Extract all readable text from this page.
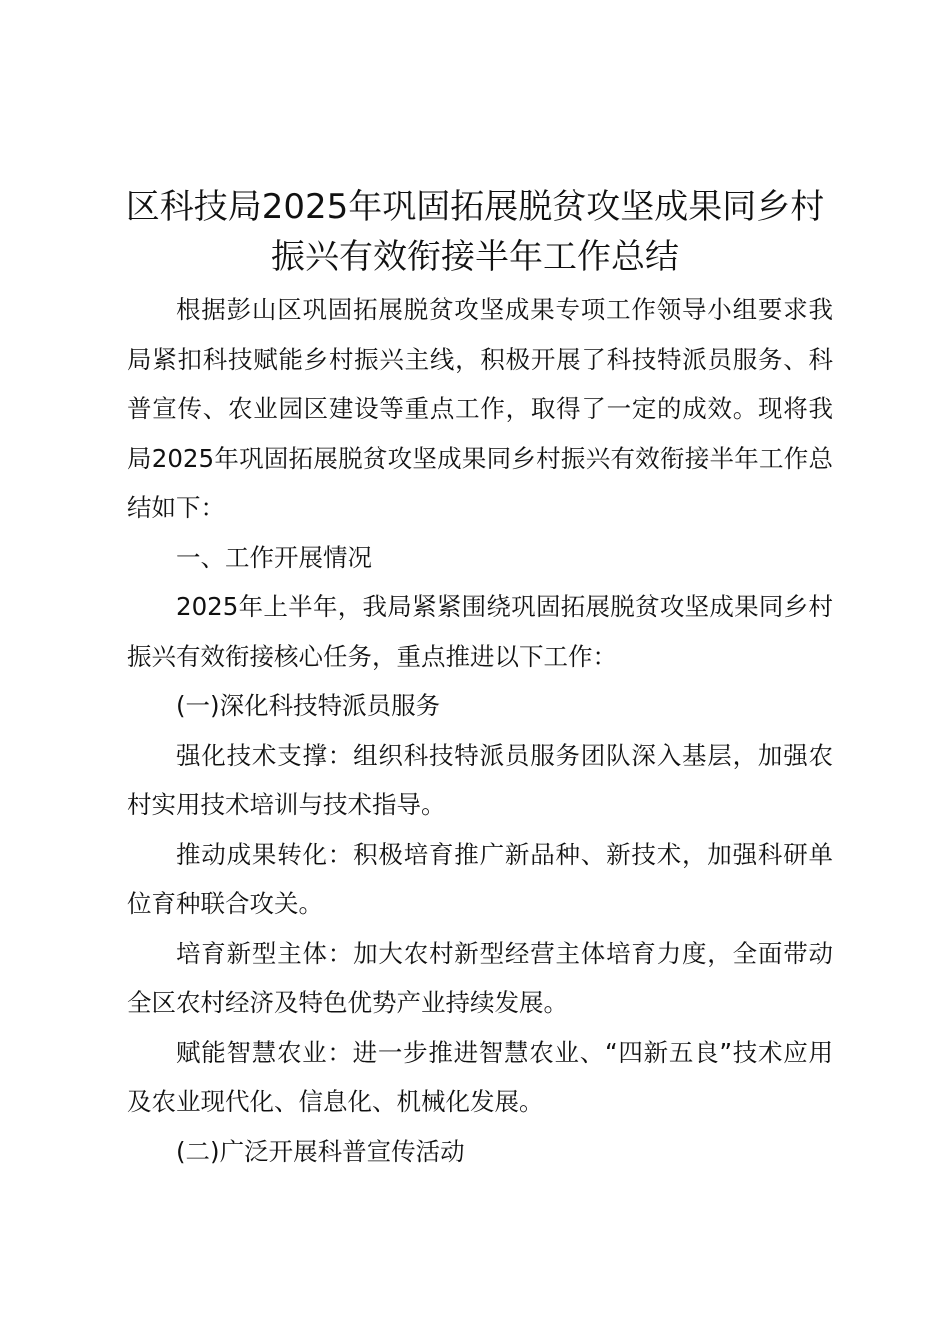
区科技局2025年巩固拓展脱贫攻坚成果同乡村振兴有效衔接半年工作总结

根据彭山区巩固拓展脱贫攻坚成果专项工作领导小组要求我局紧扣科技赋能乡村振兴主线，积极开展了科技特派员服务、科普宣传、农业园区建设等重点工作，取得了一定的成效。现将我局2025年巩固拓展脱贫攻坚成果同乡村振兴有效衔接半年工作总结如下：

一、工作开展情况

2025年上半年，我局紧紧围绕巩固拓展脱贫攻坚成果同乡村振兴有效衔接核心任务，重点推进以下工作：

(一)深化科技特派员服务

强化技术支撑：组织科技特派员服务团队深入基层，加强农村实用技术培训与技术指导。

推动成果转化：积极培育推广新品种、新技术，加强科研单位育种联合攻关。

培育新型主体：加大农村新型经营主体培育力度，全面带动全区农村经济及特色优势产业持续发展。

赋能智慧农业：进一步推进智慧农业、“四新五良”技术应用及农业现代化、信息化、机械化发展。

(二)广泛开展科普宣传活动
